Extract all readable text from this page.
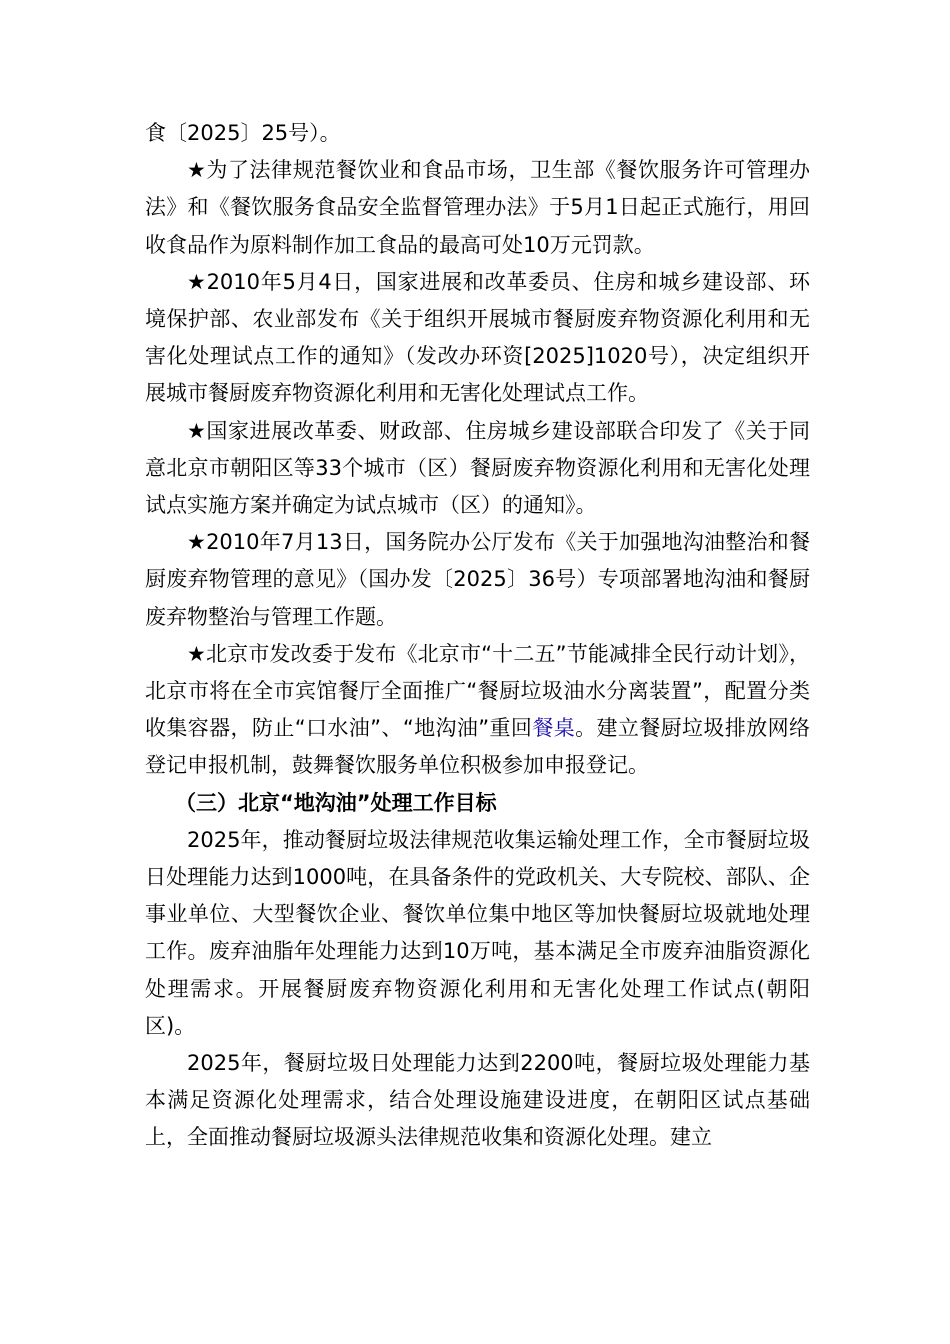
食〔2025〕25号）。

★为了法律规范餐饮业和食品市场，卫生部《餐饮服务许可管理办法》和《餐饮服务食品安全监督管理办法》于5月1日起正式施行，用回收食品作为原料制作加工食品的最高可处10万元罚款。

★2010年5月4日，国家进展和改革委员、住房和城乡建设部、环境保护部、农业部发布《关于组织开展城市餐厨废弃物资源化利用和无害化处理试点工作的通知》（发改办环资[2025]1020号），决定组织开展城市餐厨废弃物资源化利用和无害化处理试点工作。

★国家进展改革委、财政部、住房城乡建设部联合印发了《关于同意北京市朝阳区等33个城市（区）餐厨废弃物资源化利用和无害化处理试点实施方案并确定为试点城市（区）的通知》。

★2010年7月13日，国务院办公厅发布《关于加强地沟油整治和餐厨废弃物管理的意见》（国办发〔2025〕36号）专项部署地沟油和餐厨废弃物整治与管理工作题。

★北京市发改委于发布《北京市“十二五”节能减排全民行动计划》，北京市将在全市宾馆餐厅全面推广“餐厨垃圾油水分离装置”，配置分类收集容器，防止“口水油”、“地沟油”重回餐桌。建立餐厨垃圾排放网络登记申报机制，鼓舞餐饮服务单位积极参加申报登记。

（三）北京“地沟油”处理工作目标

2025年，推动餐厨垃圾法律规范收集运输处理工作，全市餐厨垃圾日处理能力达到1000吨，在具备条件的党政机关、大专院校、部队、企事业单位、大型餐饮企业、餐饮单位集中地区等加快餐厨垃圾就地处理工作。废弃油脂年处理能力达到10万吨，基本满足全市废弃油脂资源化处理需求。开展餐厨废弃物资源化利用和无害化处理工作试点(朝阳区)。

2025年，餐厨垃圾日处理能力达到2200吨，餐厨垃圾处理能力基本满足资源化处理需求，结合处理设施建设进度，在朝阳区试点基础上，全面推动餐厨垃圾源头法律规范收集和资源化处理。建立
